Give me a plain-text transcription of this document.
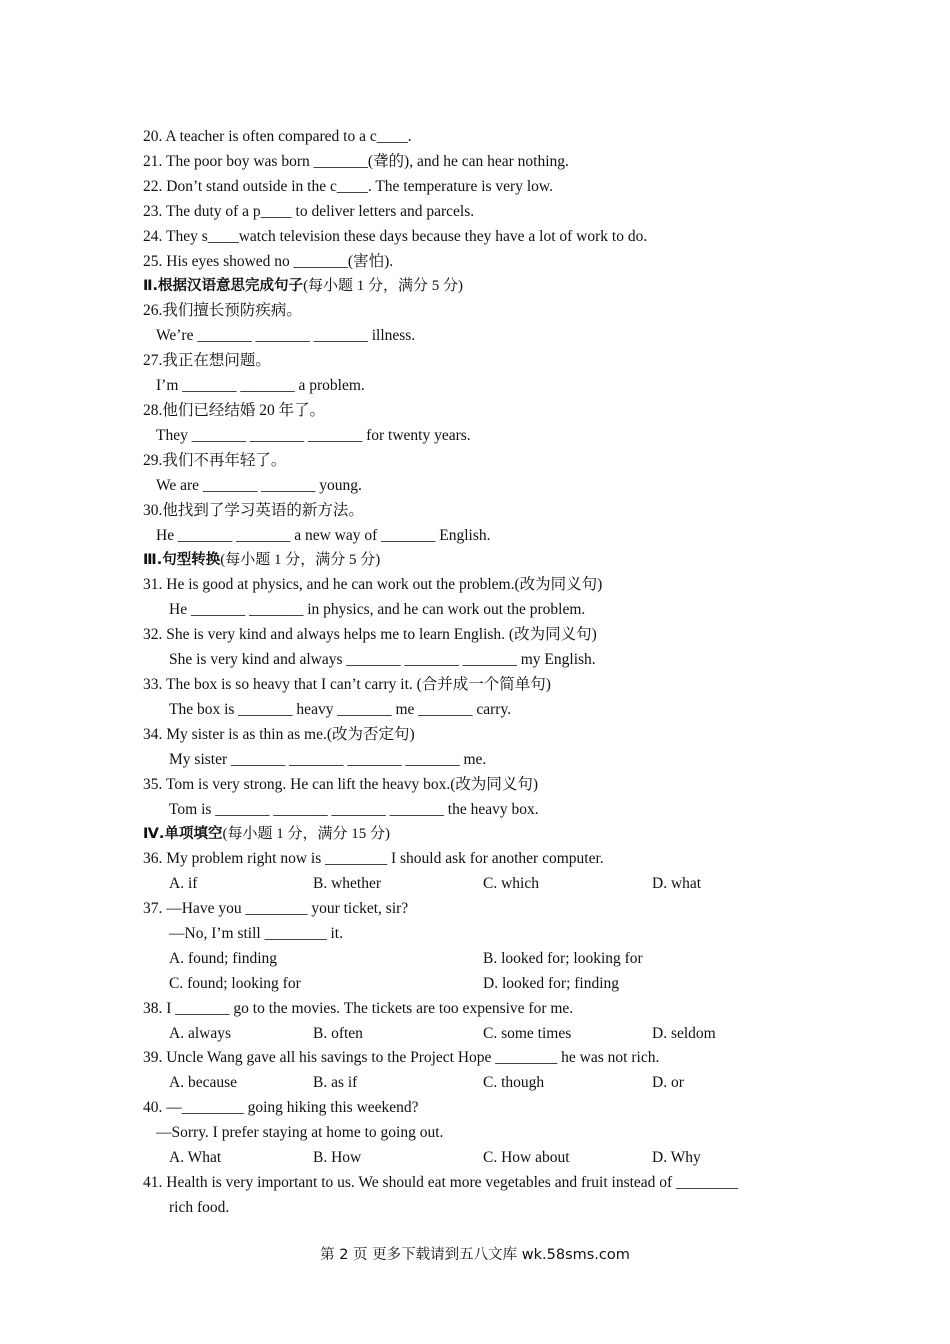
20. A teacher is often compared to a c____.
21. The poor boy was born _______(聋的), and he can hear nothing.
22. Don’t stand outside in the c____. The temperature is very low.
23. The duty of a p____ to deliver letters and parcels.
24. They s____watch television these days because they have a lot of work to do.
25. His eyes showed no _______(害怕).
Ⅱ.根据汉语意思完成句子(每小题 1 分，满分 5 分)
26.我们擅长预防疾病。
We’re _______ _______ _______ illness.
27.我正在想问题。
I’m _______ _______ a problem.
28.他们已经结婚 20 年了。
They _______ _______ _______ for twenty years.
29.我们不再年轻了。
We are _______ _______ young.
30.他找到了学习英语的新方法。
He _______ _______ a new way of _______ English.
Ⅲ.句型转换(每小题 1 分，满分 5 分)
31. He is good at physics, and he can work out the problem.(改为同义句)
He _______ _______ in physics, and he can work out the problem.
32. She is very kind and always helps me to learn English. (改为同义句)
She is very kind and always _______ _______ _______ my English.
33. The box is so heavy that I can’t carry it. (合并成一个简单句)
The box is _______ heavy _______ me _______ carry.
34. My sister is as thin as me.(改为否定句)
My sister _______ _______ _______ _______ me.
35. Tom is very strong. He can lift the heavy box.(改为同义句)
Tom is _______ _______ _______ _______ the heavy box.
Ⅳ.单项填空(每小题 1 分，满分 15 分)
36. My problem right now is ________ I should ask for another computer.
A. if	B. whether	C. which	D. what
37. —Have you ________ your ticket, sir?
—No, I’m still ________ it.
A. found; finding	B. looked for; looking for
C. found; looking for	D. looked for; finding
38. I _______ go to the movies. The tickets are too expensive for me.
A. always	B. often	C. some times	D. seldom
39. Uncle Wang gave all his savings to the Project Hope ________ he was not rich.
A. because	B. as if	C. though	D. or
40. —________ going hiking this weekend?
—Sorry. I prefer staying at home to going out.
A. What	B. How	C. How about	D. Why
41. Health is very important to us. We should eat more vegetables and fruit instead of ________
rich food.
第 2 页 更多下载请到五八文库 wk.58sms.com
